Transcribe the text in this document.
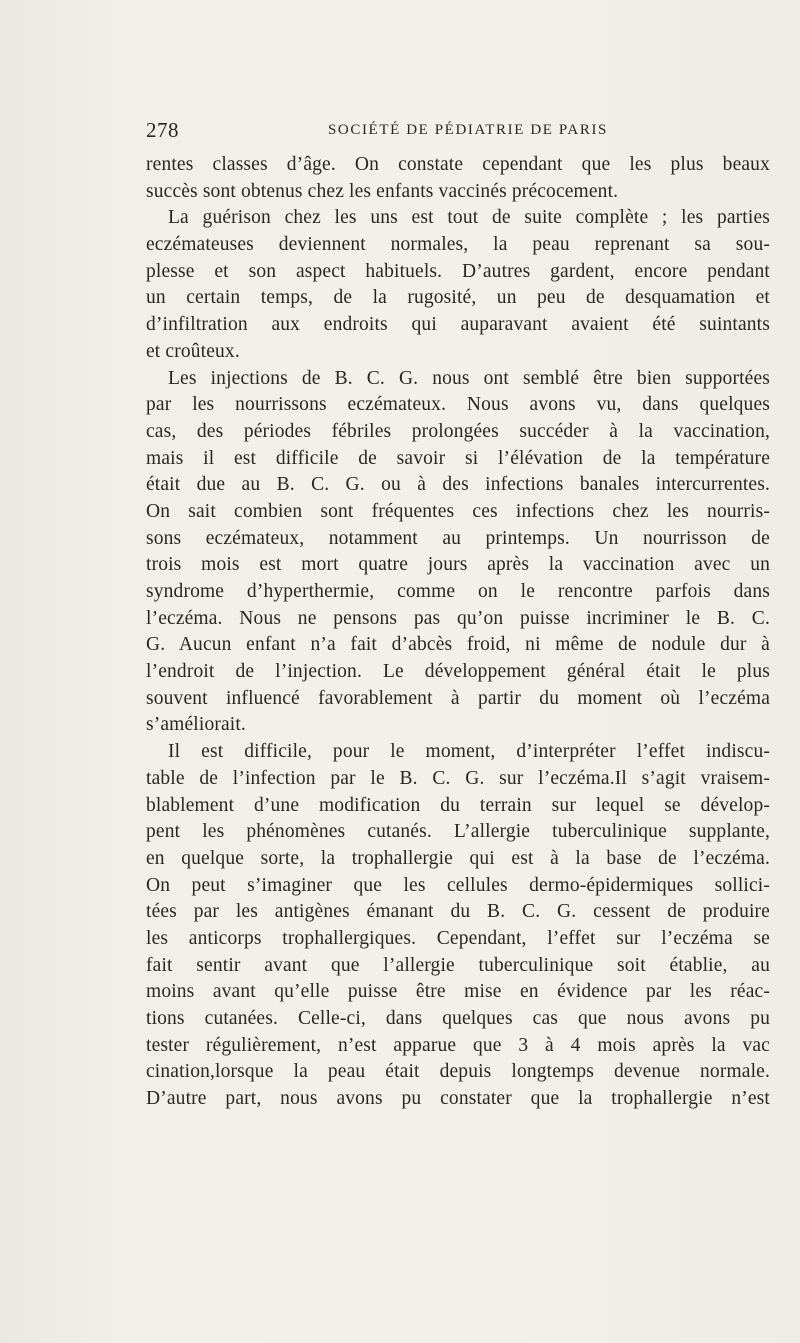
278	SOCIÉTÉ DE PÉDIATRIE DE PARIS
rentes classes d’âge. On constate cependant que les plus beaux
succès sont obtenus chez les enfants vaccinés précocement.
La guérison chez les uns est tout de suite complète ; les parties
eczémateuses deviennent normales, la peau reprenant sa sou-
plesse et son aspect habituels. D’autres gardent, encore pendant
un certain temps, de la rugosité, un peu de desquamation et
d’infiltration aux endroits qui auparavant avaient été suintants
et croûteux.
Les injections de B. C. G. nous ont semblé être bien supportées
par les nourrissons eczémateux. Nous avons vu, dans quelques
cas, des périodes fébriles prolongées succéder à la vaccination,
mais il est difficile de savoir si l’élévation de la température
était due au B. C. G. ou à des infections banales intercurrentes.
On sait combien sont fréquentes ces infections chez les nourris-
sons eczémateux, notamment au printemps. Un nourrisson de
trois mois est mort quatre jours après la vaccination avec un
syndrome d’hyperthermie, comme on le rencontre parfois dans
l’eczéma. Nous ne pensons pas qu’on puisse incriminer le B. C.
G. Aucun enfant n’a fait d’abcès froid, ni même de nodule dur à
l’endroit de l’injection. Le développement général était le plus
souvent influencé favorablement à partir du moment où l’eczéma
s’améliorait.
Il est difficile, pour le moment, d’interpréter l’effet indiscu-
table de l’infection par le B. C. G. sur l’eczéma.Il s’agit vraisem-
blablement d’une modification du terrain sur lequel se dévelop-
pent les phénomènes cutanés. L’allergie tuberculinique supplante,
en quelque sorte, la trophallergie qui est à la base de l’eczéma.
On peut s’imaginer que les cellules dermo-épidermiques sollici-
tées par les antigènes émanant du B. C. G. cessent de produire
les anticorps trophallergiques. Cependant, l’effet sur l’eczéma se
fait sentir avant que l’allergie tuberculinique soit établie, au
moins avant qu’elle puisse être mise en évidence par les réac-
tions cutanées. Celle-ci, dans quelques cas que nous avons pu
tester régulièrement, n’est apparue que 3 à 4 mois après la vac
cination,lorsque la peau était depuis longtemps devenue normale.
D’autre part, nous avons pu constater que la trophallergie n’est
